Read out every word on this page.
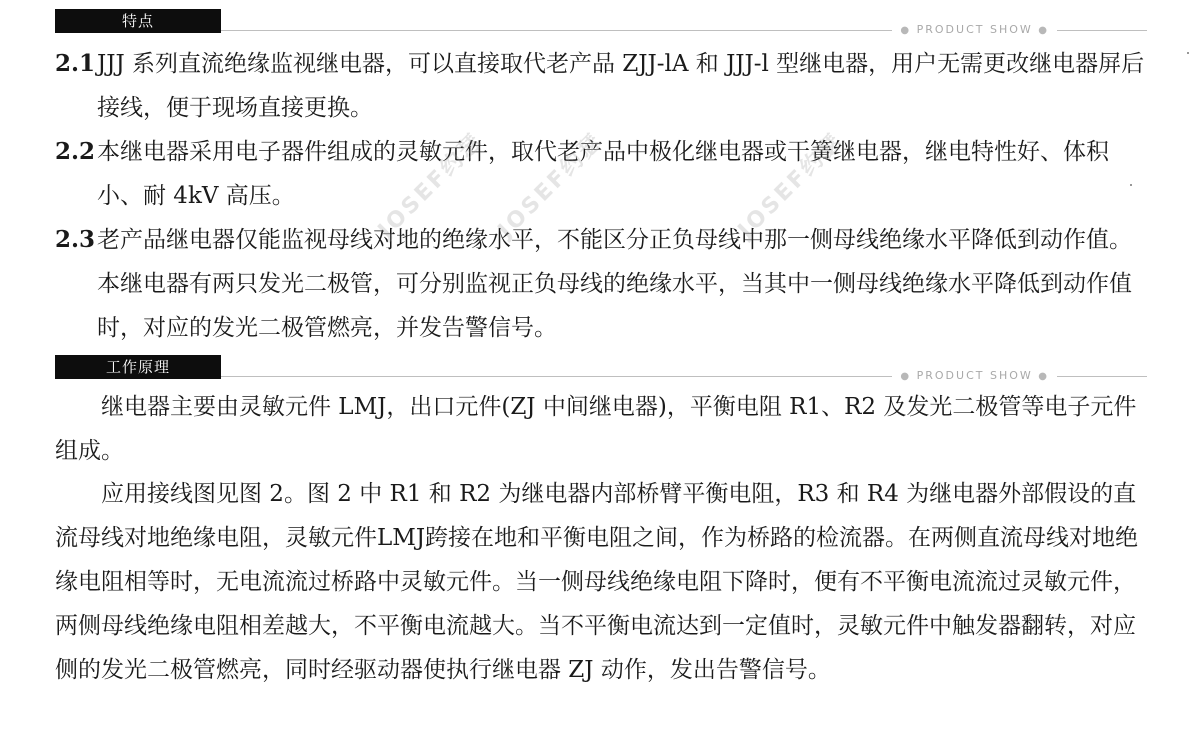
特点
● PRODUCT SHOW ●
2.1 JJJ 系列直流绝缘监视继电器，可以直接取代老产品 ZJJ-lA 和 JJJ-l 型继电器，用户无需更改继电器屏后接线，便于现场直接更换。
2.2 本继电器采用电子器件组成的灵敏元件，取代老产品中极化继电器或干簧继电器，继电特性好、体积小、耐 4kV 高压。
2.3 老产品继电器仅能监视母线对地的绝缘水平，不能区分正负母线中那一侧母线绝缘水平降低到动作值。本继电器有两只发光二极管，可分别监视正负母线的绝缘水平，当其中一侧母线绝缘水平降低到动作值时，对应的发光二极管燃亮，并发告警信号。
工作原理
● PRODUCT SHOW ●
继电器主要由灵敏元件 LMJ，出口元件(ZJ 中间继电器)，平衡电阻 R1、R2 及发光二极管等电子元件组成。
应用接线图见图 2。图 2 中 R1 和 R2 为继电器内部桥臂平衡电阻，R3 和 R4 为继电器外部假设的直流母线对地绝缘电阻，灵敏元件LMJ跨接在地和平衡电阻之间，作为桥路的检流器。在两侧直流母线对地绝缘电阻相等时，无电流流过桥路中灵敏元件。当一侧母线绝缘电阻下降时，便有不平衡电流流过灵敏元件，两侧母线绝缘电阻相差越大，不平衡电流越大。当不平衡电流达到一定值时，灵敏元件中触发器翻转，对应侧的发光二极管燃亮，同时经驱动器使执行继电器 ZJ 动作，发出告警信号。
JOSEF约瑟 JOSEF约瑟	JOSEF约瑟
